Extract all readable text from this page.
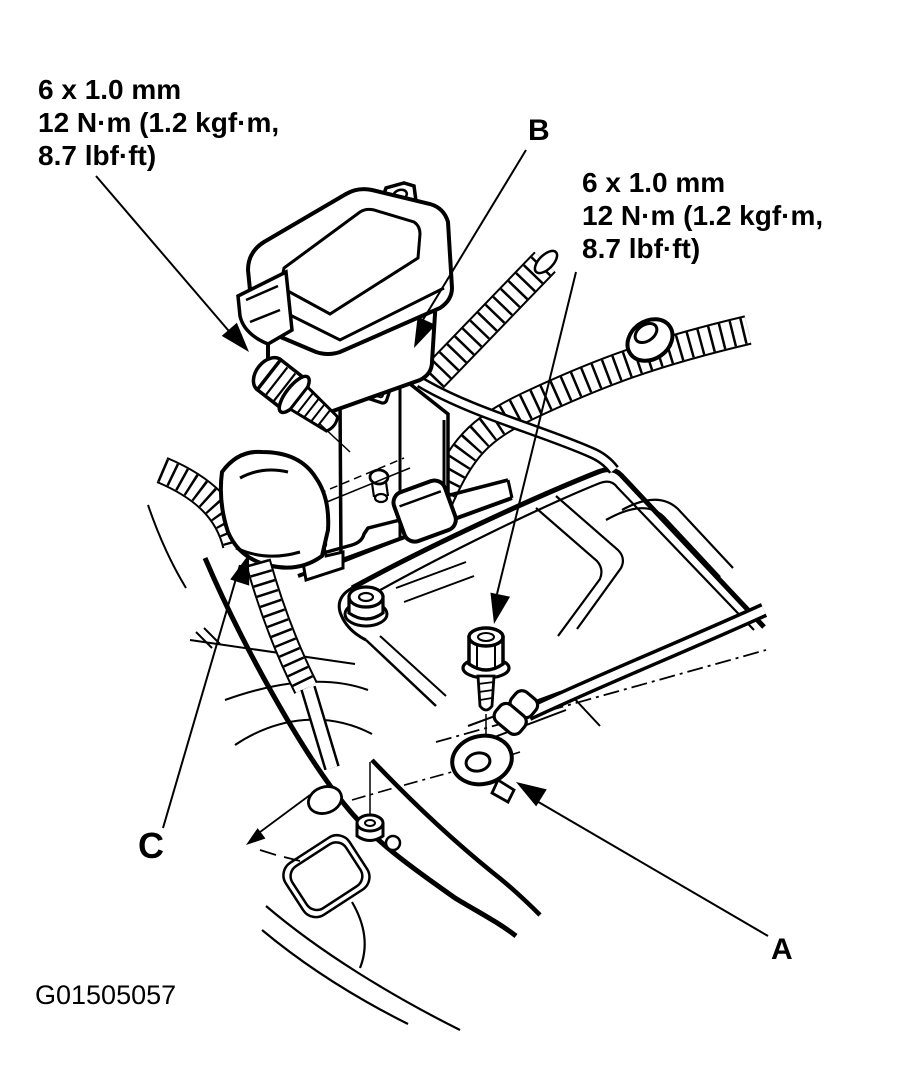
6 x 1.0 mm
12 N·m (1.2 kgf·m,
8.7 lbf·ft)
6 x 1.0 mm
12 N·m (1.2 kgf·m,
8.7 lbf·ft)
B
A
C
G01505057
